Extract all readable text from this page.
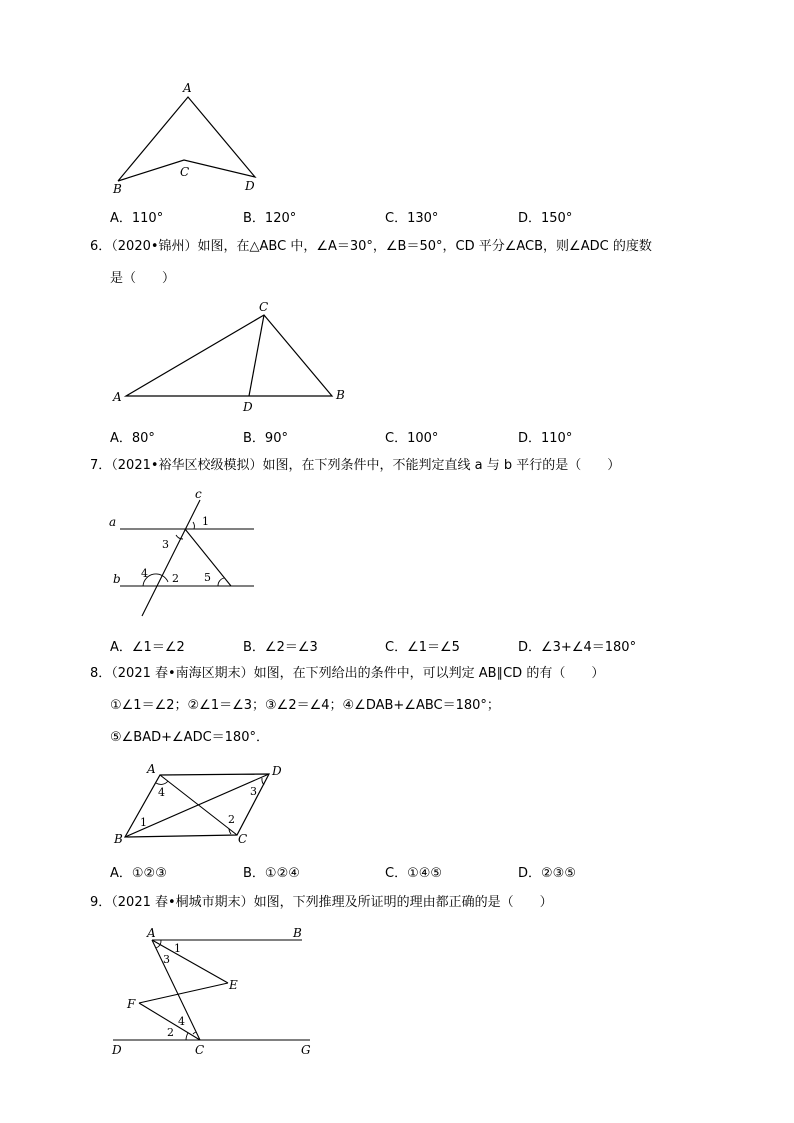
A
B
C
D
A．110°	B．120°	C．130°	D．150°
6．（2020•锦州）如图，在△ABC 中，∠A＝30°，∠B＝50°，CD 平分∠ACB，则∠ADC 的度数
是（　　）
A	B
C
D
A．80°	B．90°	C．100°	D．110°
7．（2021•裕华区校级模拟）如图，在下列条件中，不能判定直线 a 与 b 平行的是（　　）
a
b
c
1
2
3
4	5
A．∠1＝∠2	B．∠2＝∠3	C．∠1＝∠5	D．∠3+∠4＝180°
8．（2021 春•南海区期末）如图，在下列给出的条件中，可以判定 AB∥CD 的有（　　）
①∠1＝∠2；②∠1＝∠3；③∠2＝∠4；④∠DAB+∠ABC＝180°；
⑤∠BAD+∠ADC＝180°．
A
B	C
D
1	2
3
4
A．①②③	B．①②④	C．①④⑤	D．②③⑤
9．（2021 春•桐城市期末）如图，下列推理及所证明的理由都正确的是（　　）
A	B
C
D
E
F
G
1
2
3
4
